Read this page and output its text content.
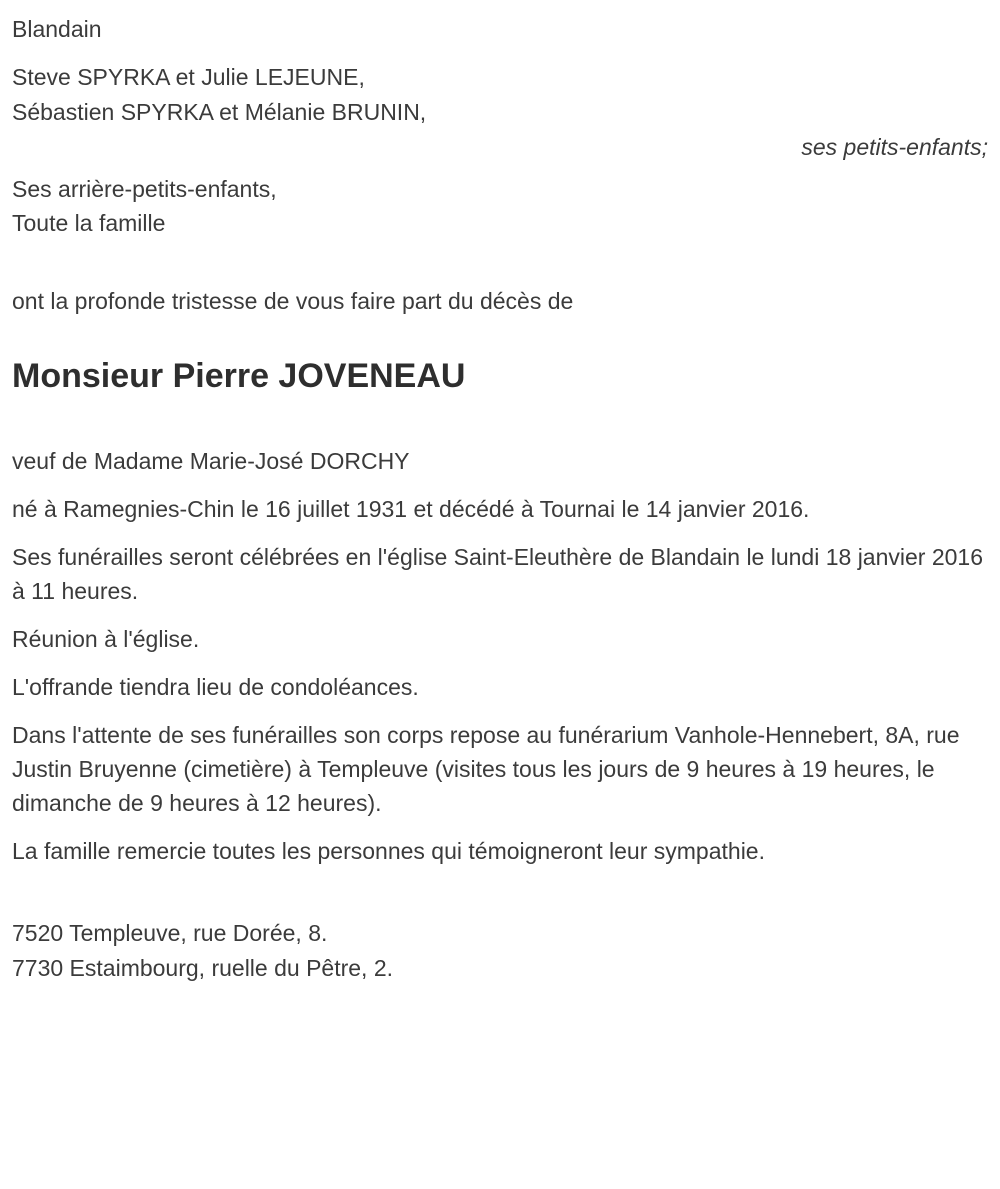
Blandain
Steve SPYRKA et Julie LEJEUNE,
Sébastien SPYRKA et Mélanie BRUNIN,
ses petits-enfants;
Ses arrière-petits-enfants,
Toute la famille
ont la profonde tristesse de vous faire part du décès de
Monsieur Pierre JOVENEAU
veuf de Madame Marie-José DORCHY
né à Ramegnies-Chin le 16 juillet 1931 et décédé à Tournai le 14 janvier 2016.
Ses funérailles seront célébrées en l'église Saint-Eleuthère de Blandain le lundi 18 janvier 2016 à 11 heures.
Réunion à l'église.
L'offrande tiendra lieu de condoléances.
Dans l'attente de ses funérailles son corps repose au funérarium Vanhole-Hennebert, 8A, rue Justin Bruyenne (cimetière) à Templeuve (visites tous les jours de 9 heures à 19 heures, le dimanche de 9 heures à 12 heures).
La famille remercie toutes les personnes qui témoigneront leur sympathie.
7520 Templeuve, rue Dorée, 8.
7730 Estaimbourg, ruelle du Pêtre, 2.
